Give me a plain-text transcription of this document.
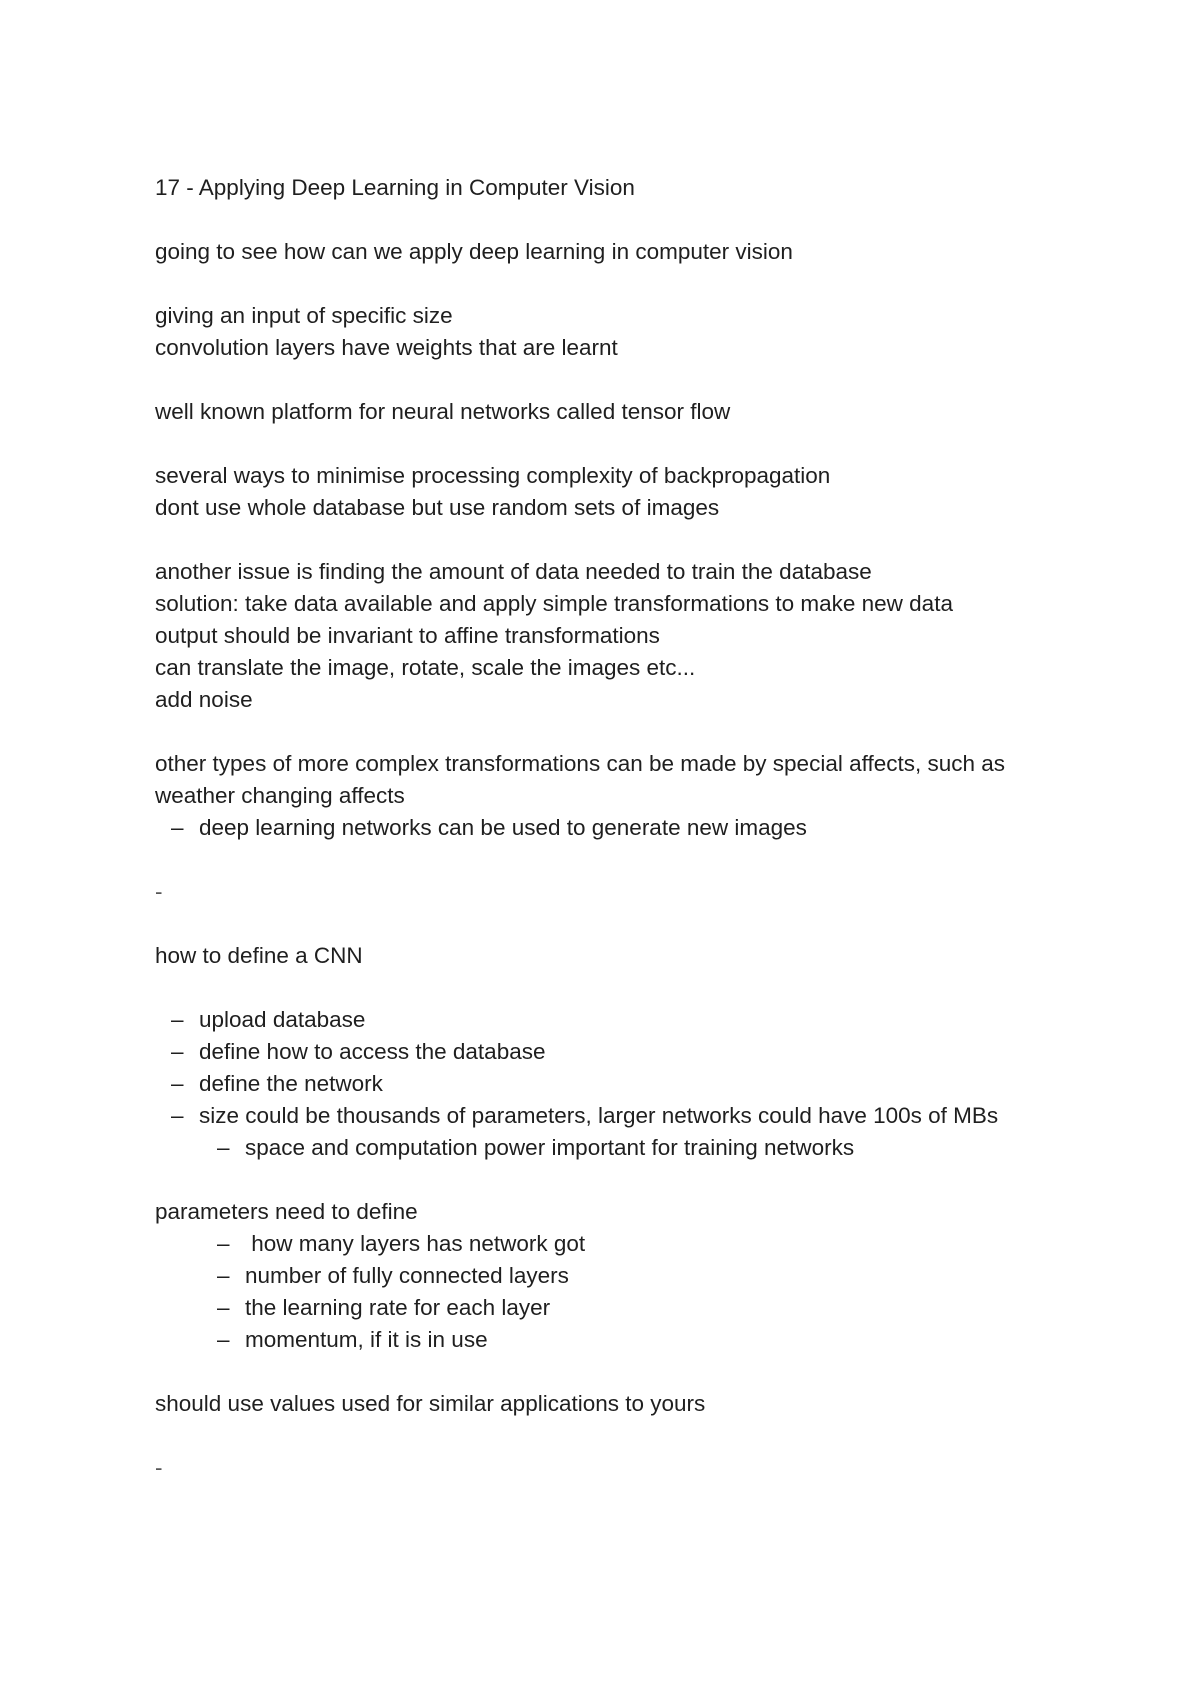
17 - Applying Deep Learning in Computer Vision

going to see how can we apply deep learning in computer vision

giving an input of specific size

convolution layers have weights that are learnt

well known platform for neural networks called tensor flow

several ways to minimise processing complexity of backpropagation

dont use whole database but use random sets of images

another issue is finding the amount of data needed to train the database

solution: take data available and apply simple transformations to make new data

output should be invariant to affine transformations

can translate the image, rotate, scale the images etc...

add noise

other types of more complex transformations can be made by special affects, such as weather changing affects

– deep learning networks can be used to generate new images

-

how to define a CNN

– upload database
– define how to access the database
– define the network
– size could be thousands of parameters, larger networks could have 100s of MBs
– space and computation power important for training networks

parameters need to define

– how many layers has network got
– number of fully connected layers
– the learning rate for each layer
– momentum, if it is in use

should use values used for similar applications to yours

-
